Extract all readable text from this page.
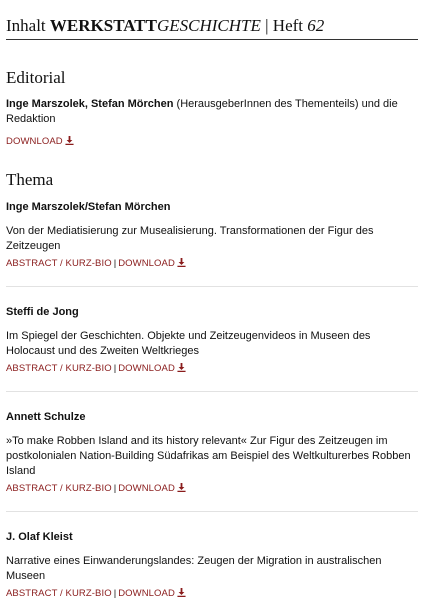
Inhalt WERKSTATTGESCHICHTE | Heft 62
Editorial
Inge Marszolek, Stefan Mörchen (HerausgeberInnen des Thementeils) und die Redaktion
DOWNLOAD
Thema
Inge Marszolek/Stefan Mörchen
Von der Mediatisierung zur Musealisierung. Transformationen der Figur des Zeitzeugen
ABSTRACT / KURZ-BIO | DOWNLOAD
Steffi de Jong
Im Spiegel der Geschichten. Objekte und Zeitzeugenvideos in Museen des Holocaust und des Zweiten Weltkrieges
ABSTRACT / KURZ-BIO | DOWNLOAD
Annett Schulze
»To make Robben Island and its history relevant« Zur Figur des Zeitzeugen im postkolonialen Nation-Building Südafrikas am Beispiel des Weltkulturerbes Robben Island
ABSTRACT / KURZ-BIO | DOWNLOAD
J. Olaf Kleist
Narrative eines Einwanderungslandes: Zeugen der Migration in australischen Museen
ABSTRACT / KURZ-BIO | DOWNLOAD
